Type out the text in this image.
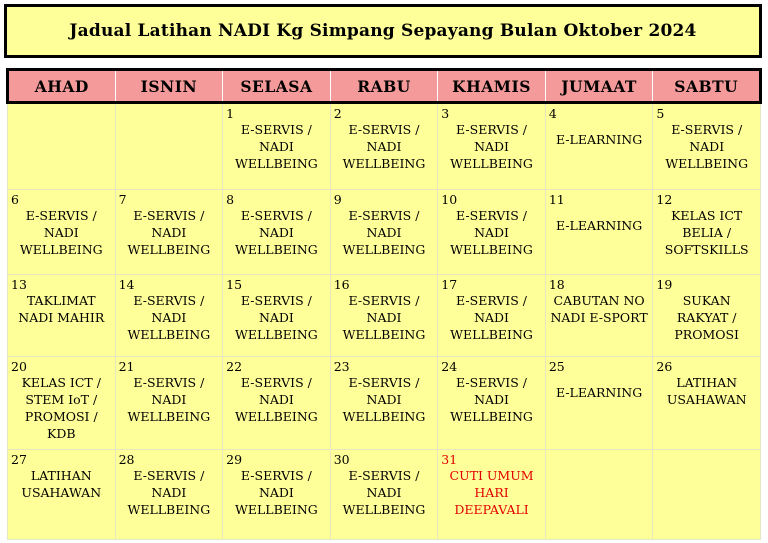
Jadual Latihan NADI Kg Simpang Sepayang Bulan Oktober 2024
AHAD	ISNIN	SELASA	RABU	KHAMIS	JUMAAT	SABTU

		1
E-SERVIS /
NADI
WELLBEING	2
E-SERVIS /
NADI
WELLBEING	3
E-SERVIS /
NADI
WELLBEING	4
E-LEARNING	5
E-SERVIS /
NADI
WELLBEING

6
E-SERVIS /
NADI
WELLBEING	7
E-SERVIS /
NADI
WELLBEING	8
E-SERVIS /
NADI
WELLBEING	9
E-SERVIS /
NADI
WELLBEING	10
E-SERVIS /
NADI
WELLBEING	11
E-LEARNING	12
KELAS ICT
BELIA /
SOFTSKILLS

13
TAKLIMAT
NADI MAHIR	14
E-SERVIS /
NADI
WELLBEING	15
E-SERVIS /
NADI
WELLBEING	16
E-SERVIS /
NADI
WELLBEING	17
E-SERVIS /
NADI
WELLBEING	18
CABUTAN NO
NADI E-SPORT	19
SUKAN
RAKYAT /
PROMOSI

20
KELAS ICT /
STEM IoT /
PROMOSI /
KDB	21
E-SERVIS /
NADI
WELLBEING	22
E-SERVIS /
NADI
WELLBEING	23
E-SERVIS /
NADI
WELLBEING	24
E-SERVIS /
NADI
WELLBEING	25
E-LEARNING	26
LATIHAN
USAHAWAN

27
LATIHAN
USAHAWAN	28
E-SERVIS /
NADI
WELLBEING	29
E-SERVIS /
NADI
WELLBEING	30
E-SERVIS /
NADI
WELLBEING	31
CUTI UMUM
HARI
DEEPAVALI		
